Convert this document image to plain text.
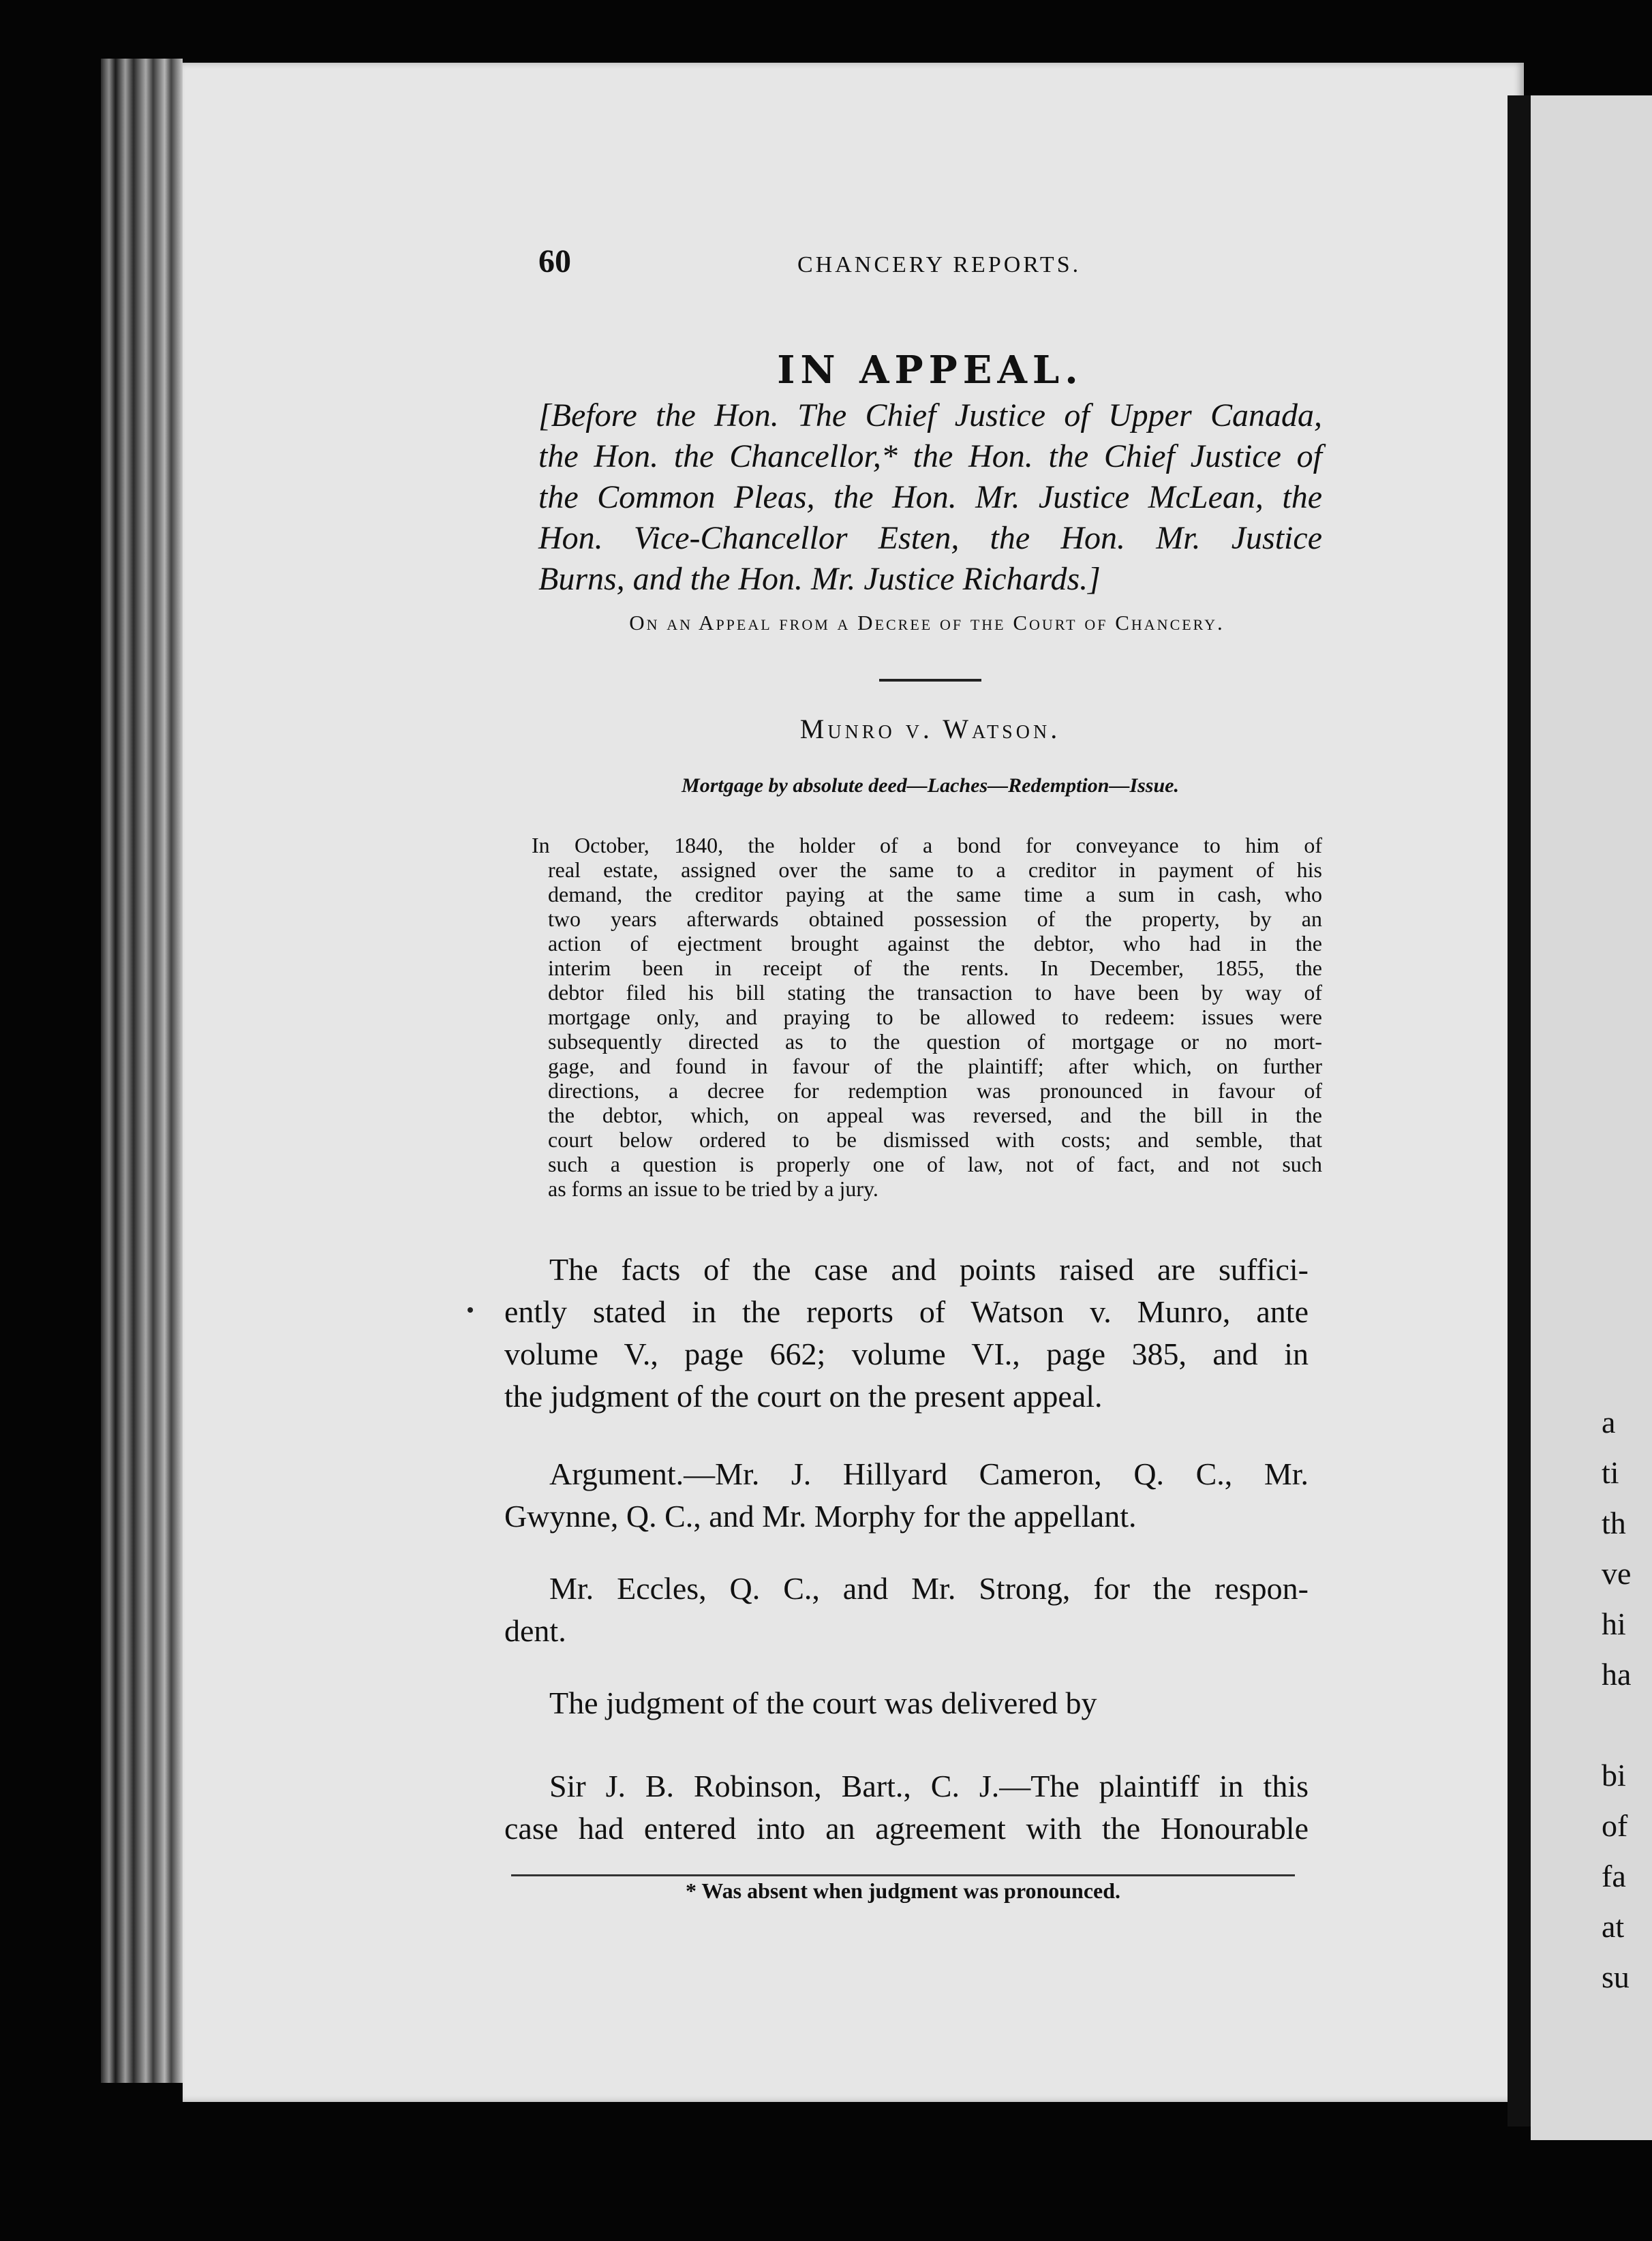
a
ti
th
ve
hi
ha
bi
of
fa
at
su
60	CHANCERY REPORTS.
IN APPEAL.
[Before the Hon. The Chief Justice of Upper Canada,
the Hon. the Chancellor,* the Hon. the Chief Justice of
the Common Pleas, the Hon. Mr. Justice McLean, the
Hon. Vice-Chancellor Esten, the Hon. Mr. Justice
Burns, and the Hon. Mr. Justice Richards.]
On an Appeal from a Decree of the Court of Chancery.
Munro v. Watson.
Mortgage by absolute deed—Laches—Redemption—Issue.
In October, 1840, the holder of a bond for conveyance to him of
real estate, assigned over the same to a creditor in payment of his
demand, the creditor paying at the same time a sum in cash, who
two years afterwards obtained possession of the property, by an
action of ejectment brought against the debtor, who had in the
interim been in receipt of the rents. In December, 1855, the
debtor filed his bill stating the transaction to have been by way of
mortgage only, and praying to be allowed to redeem: issues were
subsequently directed as to the question of mortgage or no mort-
gage, and found in favour of the plaintiff; after which, on further
directions, a decree for redemption was pronounced in favour of
the debtor, which, on appeal was reversed, and the bill in the
court below ordered to be dismissed with costs; and semble, that
such a question is properly one of law, not of fact, and not such
as forms an issue to be tried by a jury.
The facts of the case and points raised are suffici-
ently stated in the reports of Watson v. Munro, ante
volume V., page 662; volume VI., page 385, and in
the judgment of the court on the present appeal.
Argument.—Mr. J. Hillyard Cameron, Q. C., Mr.
Gwynne, Q. C., and Mr. Morphy for the appellant.
Mr. Eccles, Q. C., and Mr. Strong, for the respon-
dent.
The judgment of the court was delivered by
Sir J. B. Robinson, Bart., C. J.—The plaintiff in this
case had entered into an agreement with the Honourable
* Was absent when judgment was pronounced.
